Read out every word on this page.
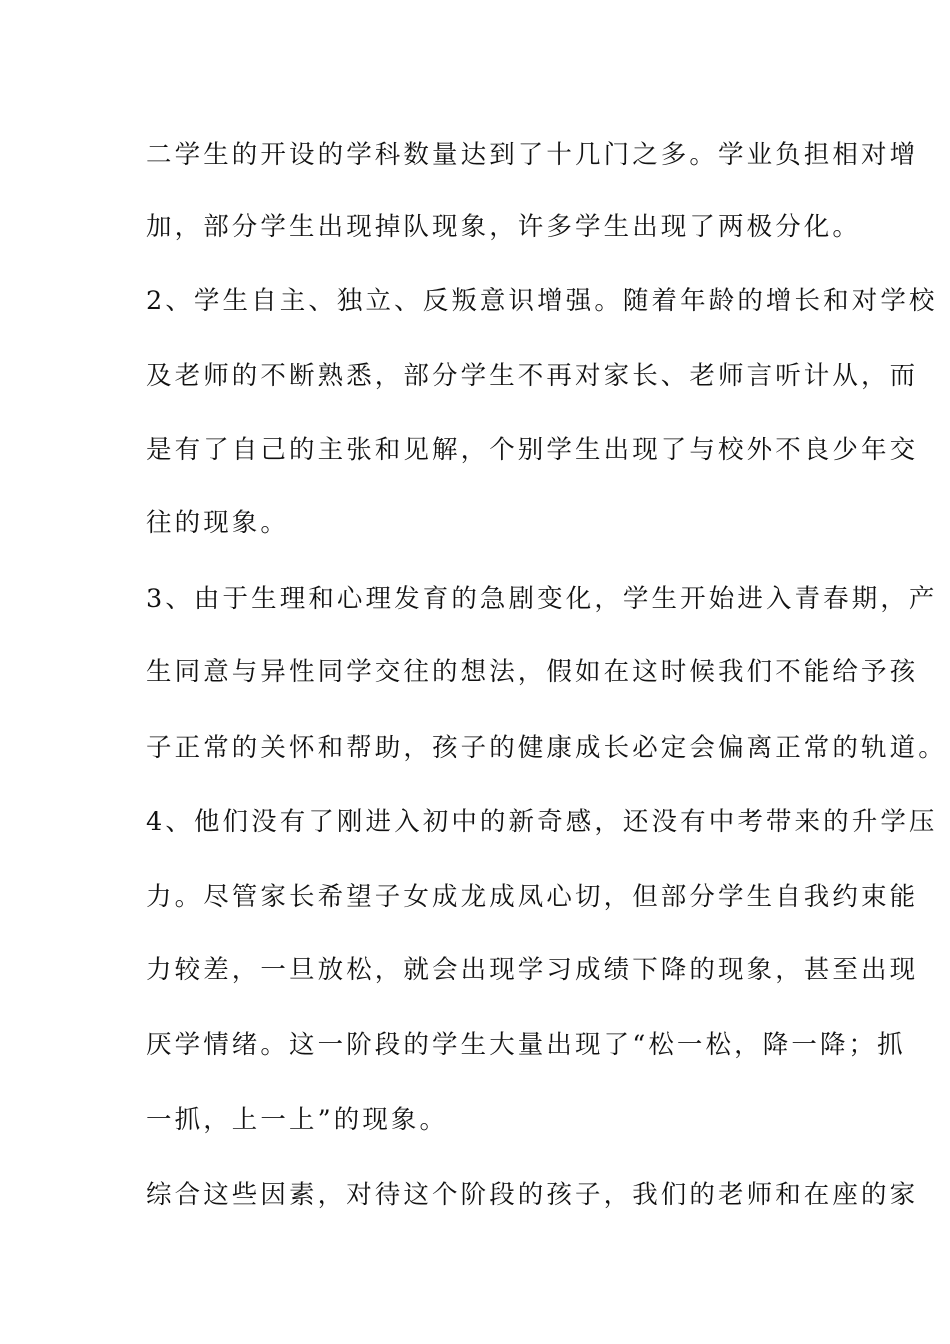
二学生的开设的学科数量达到了十几门之多。学业负担相对增
加，部分学生出现掉队现象，许多学生出现了两极分化。
2、学生自主、独立、反叛意识增强。随着年龄的增长和对学校
及老师的不断熟悉，部分学生不再对家长、老师言听计从，而
是有了自己的主张和见解，个别学生出现了与校外不良少年交
往的现象。
3、由于生理和心理发育的急剧变化，学生开始进入青春期，产
生同意与异性同学交往的想法，假如在这时候我们不能给予孩
子正常的关怀和帮助，孩子的健康成长必定会偏离正常的轨道。
4、他们没有了刚进入初中的新奇感，还没有中考带来的升学压
力。尽管家长希望子女成龙成凤心切，但部分学生自我约束能
力较差，一旦放松，就会出现学习成绩下降的现象，甚至出现
厌学情绪。这一阶段的学生大量出现了“松一松，降一降；抓
一抓，上一上”的现象。
综合这些因素，对待这个阶段的孩子，我们的老师和在座的家
